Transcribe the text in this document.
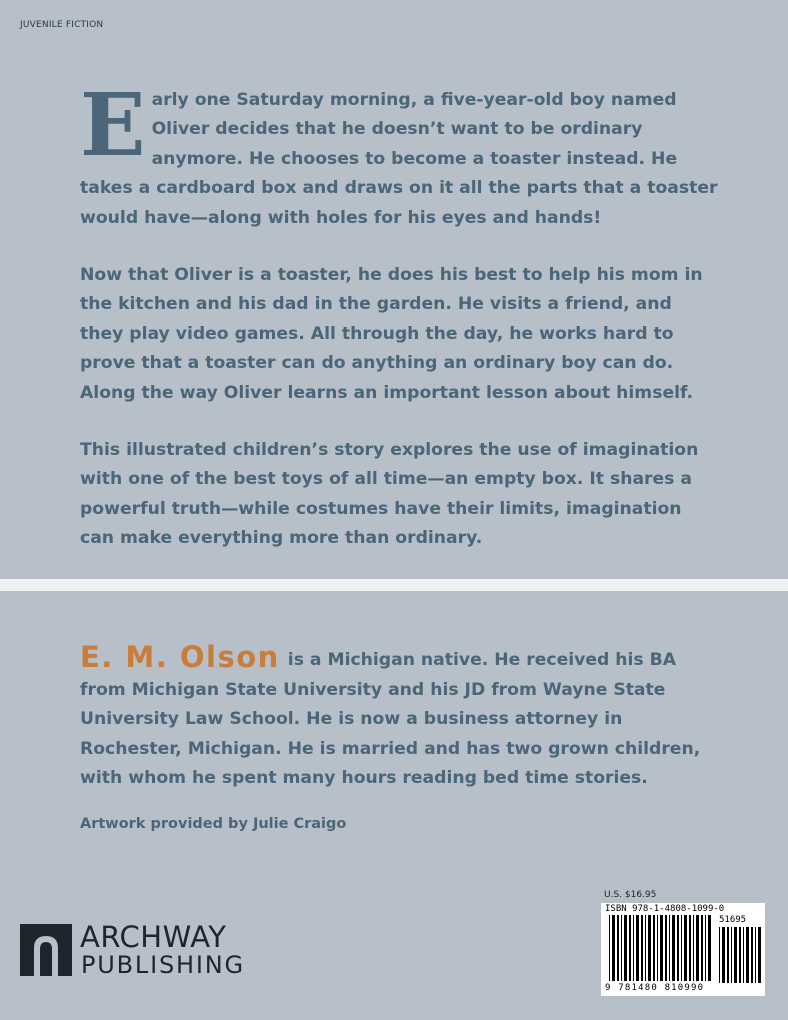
JUVENILE FICTION

Early one Saturday morning, a five-year-old boy named Oliver decides that he doesn’t want to be ordinary anymore. He chooses to become a toaster instead. He takes a cardboard box and draws on it all the parts that a toaster would have—along with holes for his eyes and hands!

Now that Oliver is a toaster, he does his best to help his mom in the kitchen and his dad in the garden. He visits a friend, and they play video games. All through the day, he works hard to prove that a toaster can do anything an ordinary boy can do. Along the way Oliver learns an important lesson about himself.

This illustrated children’s story explores the use of imagination with one of the best toys of all time—an empty box. It shares a powerful truth—while costumes have their limits, imagination can make everything more than ordinary.

E. M. Olson is a Michigan native. He received his BA from Michigan State University and his JD from Wayne State University Law School. He is now a business attorney in Rochester, Michigan. He is married and has two grown children, with whom he spent many hours reading bed time stories.
Artwork provided by Julie Craigo
ARCHWAY
PUBLISHING
U.S. $16.95
ISBN 978-1-4808-1099-0
51695
9 781480 810990
